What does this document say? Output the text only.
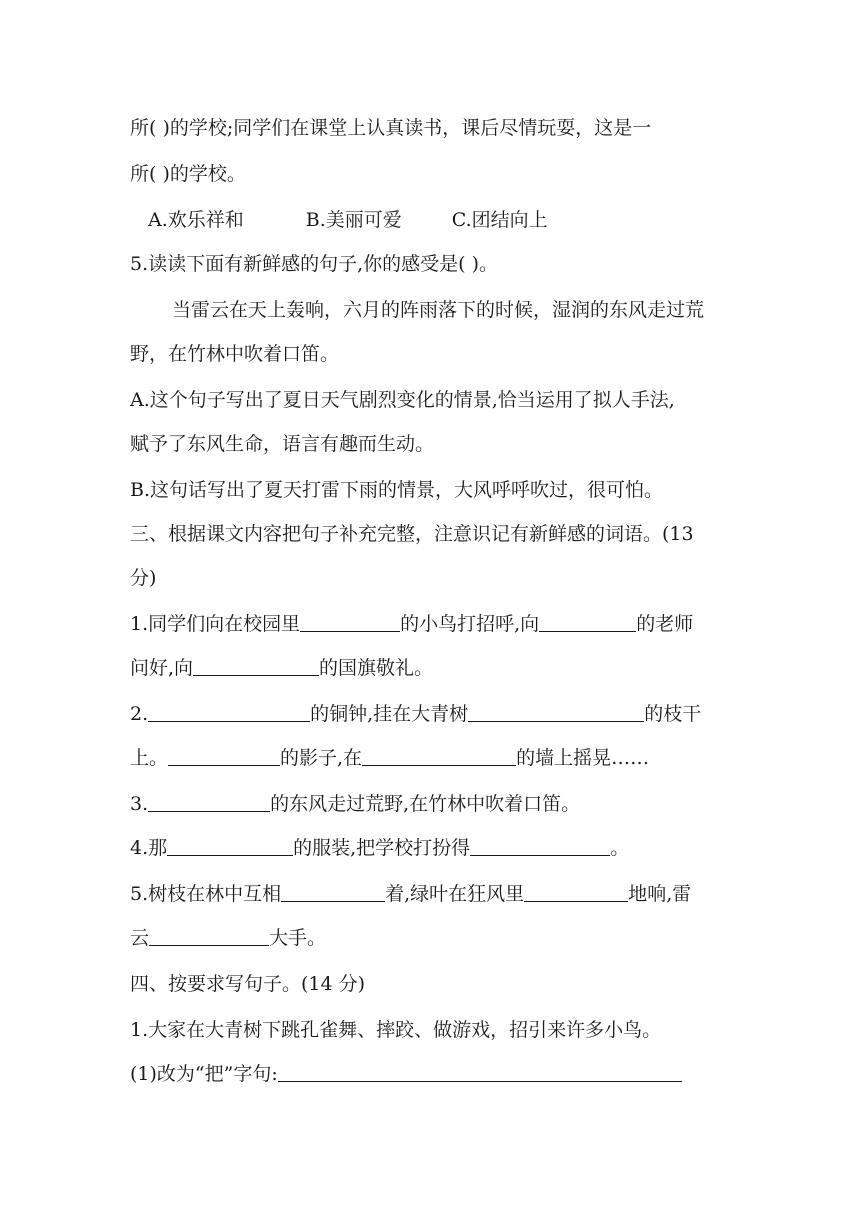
所( )的学校;同学们在课堂上认真读书，课后尽情玩耍，这是一
所( )的学校。
A.欢乐祥和	B.美丽可爱	C.团结向上
5.读读下面有新鲜感的句子,你的感受是( )。
当雷云在天上轰响，六月的阵雨落下的时候，湿润的东风走过荒
野，在竹林中吹着口笛。
A.这个句子写出了夏日天气剧烈变化的情景,恰当运用了拟人手法,
赋予了东风生命，语言有趣而生动。
B.这句话写出了夏天打雷下雨的情景，大风呼呼吹过，很可怕。
三、根据课文内容把句子补充完整，注意识记有新鲜感的词语。(13
分)
1.同学们向在校园里	的小鸟打招呼,向	的老师
问好,向	的国旗敬礼。
2.	的铜钟,挂在大青树	的枝干
上。	的影子,在	的墙上摇晃……
3.	的东风走过荒野,在竹林中吹着口笛。
4.那	的服装,把学校打扮得	。
5.树枝在林中互相	着,绿叶在狂风里	地响,雷
云	大手。
四、按要求写句子。(14 分)
1.大家在大青树下跳孔雀舞、摔跤、做游戏，招引来许多小鸟。
(1)改为“把”字句:
